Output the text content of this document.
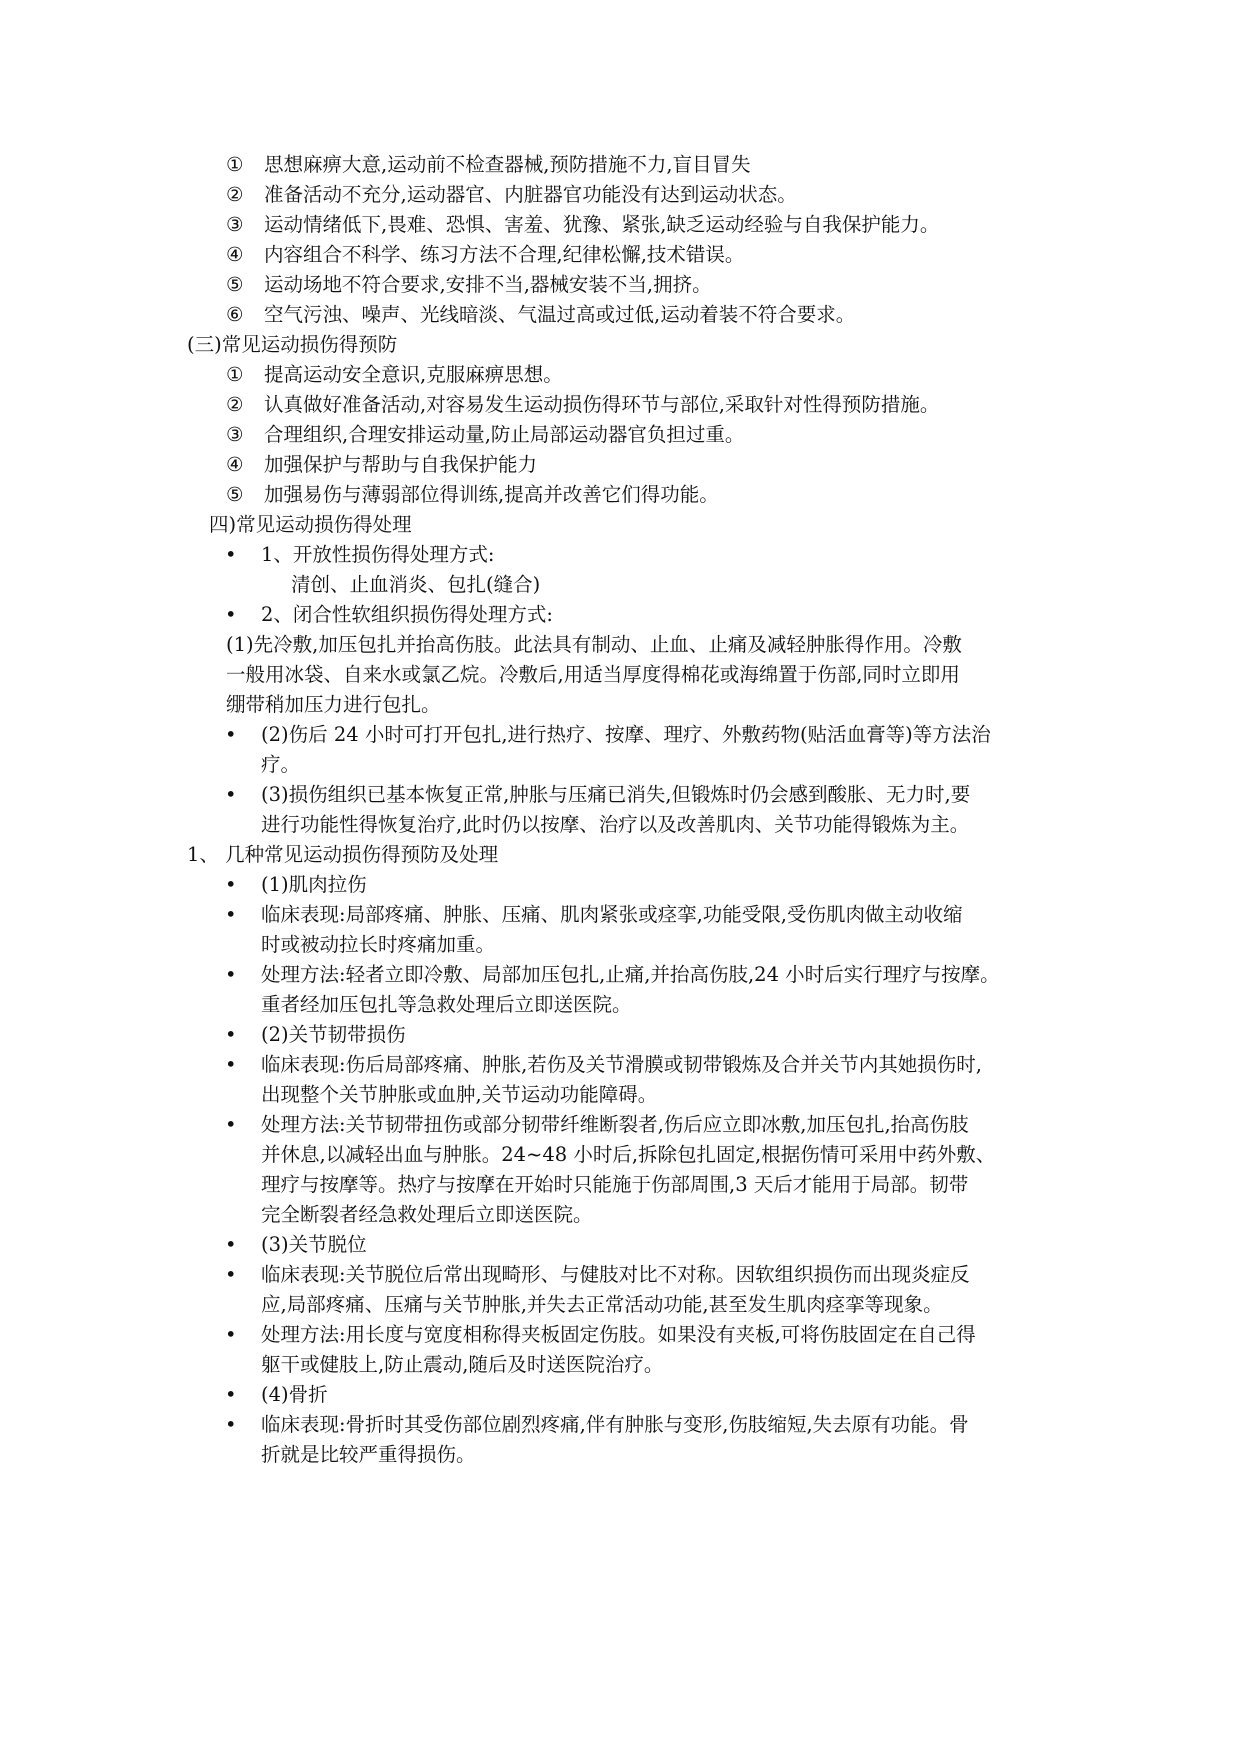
① 思想麻痹大意,运动前不检查器械,预防措施不力,盲目冒失
② 准备活动不充分,运动器官、内脏器官功能没有达到运动状态。
③ 运动情绪低下,畏难、恐惧、害羞、犹豫、紧张,缺乏运动经验与自我保护能力。
④ 内容组合不科学、练习方法不合理,纪律松懈,技术错误。
⑤ 运动场地不符合要求,安排不当,器械安装不当,拥挤。
⑥ 空气污浊、噪声、光线暗淡、气温过高或过低,运动着装不符合要求。
(三)常见运动损伤得预防
① 提高运动安全意识,克服麻痹思想。
② 认真做好准备活动,对容易发生运动损伤得环节与部位,采取针对性得预防措施。
③ 合理组织,合理安排运动量,防止局部运动器官负担过重。
④ 加强保护与帮助与自我保护能力
⑤ 加强易伤与薄弱部位得训练,提高并改善它们得功能。
四)常见运动损伤得处理
• 1、开放性损伤得处理方式:
清创、止血消炎、包扎(缝合)
• 2、闭合性软组织损伤得处理方式:
(1)先冷敷,加压包扎并抬高伤肢。此法具有制动、止血、止痛及减轻肿胀得作用。冷敷
一般用冰袋、自来水或氯乙烷。冷敷后,用适当厚度得棉花或海绵置于伤部,同时立即用
绷带稍加压力进行包扎。
• (2)伤后 24 小时可打开包扎,进行热疗、按摩、理疗、外敷药物(贴活血膏等)等方法治
疗。
• (3)损伤组织已基本恢复正常,肿胀与压痛已消失,但锻炼时仍会感到酸胀、无力时,要
进行功能性得恢复治疗,此时仍以按摩、治疗以及改善肌肉、关节功能得锻炼为主。
1、 几种常见运动损伤得预防及处理
• (1)肌肉拉伤
• 临床表现:局部疼痛、肿胀、压痛、肌肉紧张或痉挛,功能受限,受伤肌肉做主动收缩
时或被动拉长时疼痛加重。
• 处理方法:轻者立即冷敷、局部加压包扎,止痛,并抬高伤肢,24 小时后实行理疗与按摩。
重者经加压包扎等急救处理后立即送医院。
• (2)关节韧带损伤
• 临床表现:伤后局部疼痛、肿胀,若伤及关节滑膜或韧带锻炼及合并关节内其她损伤时,
出现整个关节肿胀或血肿,关节运动功能障碍。
• 处理方法:关节韧带扭伤或部分韧带纤维断裂者,伤后应立即冰敷,加压包扎,抬高伤肢
并休息,以减轻出血与肿胀。24~48 小时后,拆除包扎固定,根据伤情可采用中药外敷、
理疗与按摩等。热疗与按摩在开始时只能施于伤部周围,3 天后才能用于局部。韧带
完全断裂者经急救处理后立即送医院。
• (3)关节脱位
• 临床表现:关节脱位后常出现畸形、与健肢对比不对称。因软组织损伤而出现炎症反
应,局部疼痛、压痛与关节肿胀,并失去正常活动功能,甚至发生肌肉痉挛等现象。
• 处理方法:用长度与宽度相称得夹板固定伤肢。如果没有夹板,可将伤肢固定在自己得
躯干或健肢上,防止震动,随后及时送医院治疗。
• (4)骨折
• 临床表现:骨折时其受伤部位剧烈疼痛,伴有肿胀与变形,伤肢缩短,失去原有功能。骨
折就是比较严重得损伤。
